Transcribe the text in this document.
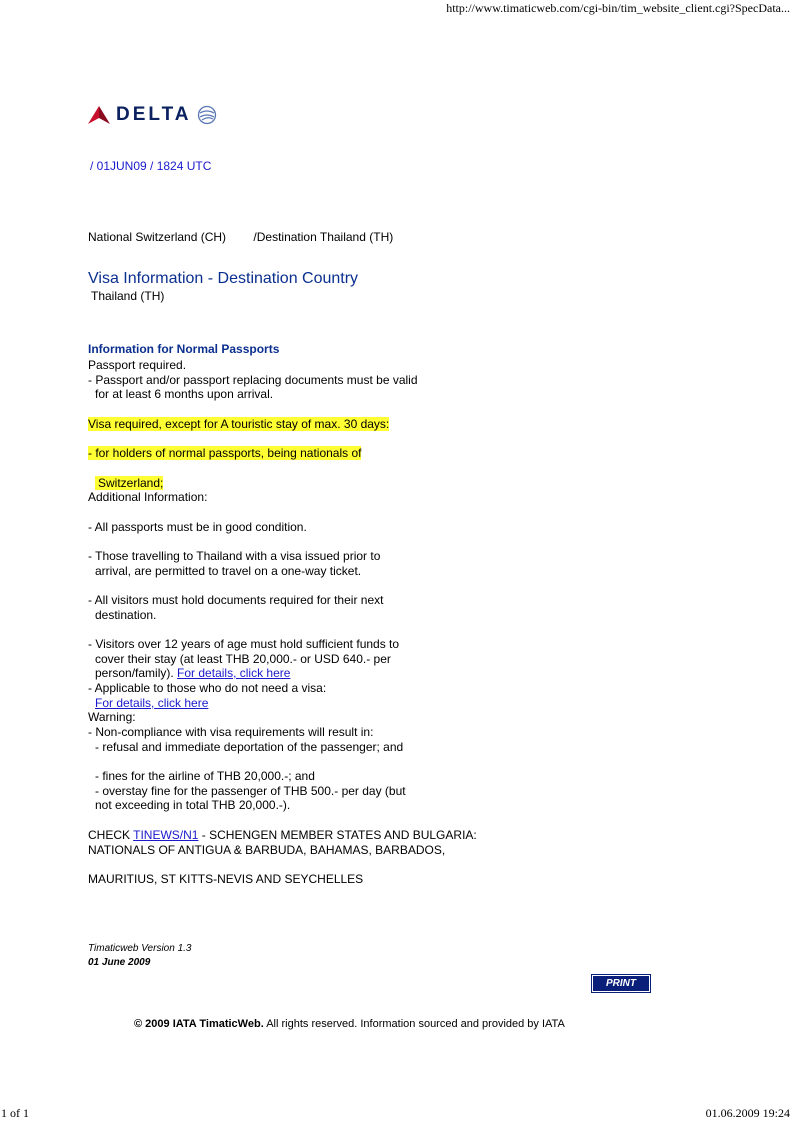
http://www.timaticweb.com/cgi-bin/tim_website_client.cgi?SpecData...
1 of 1	01.06.2009 19:24
DELTA
/ 01JUN09 / 1824 UTC
National Switzerland (CH) /Destination Thailand (TH)
Visa Information - Destination Country
Thailand (TH)
Information for Normal Passports
Passport required.
- Passport and/or passport replacing documents must be valid
for at least 6 months upon arrival.
Visa required, except for A touristic stay of max. 30 days:
- for holders of normal passports, being nationals of
Switzerland;
Additional Information:
- All passports must be in good condition.
- Those travelling to Thailand with a visa issued prior to
arrival, are permitted to travel on a one-way ticket.
- All visitors must hold documents required for their next
destination.
- Visitors over 12 years of age must hold sufficient funds to
cover their stay (at least THB 20,000.- or USD 640.- per
person/family). For details, click here
- Applicable to those who do not need a visa:
For details, click here
Warning:
- Non-compliance with visa requirements will result in:
- refusal and immediate deportation of the passenger; and
- fines for the airline of THB 20,000.-; and
- overstay fine for the passenger of THB 500.- per day (but
not exceeding in total THB 20,000.-).
CHECK TINEWS/N1 - SCHENGEN MEMBER STATES AND BULGARIA:
NATIONALS OF ANTIGUA & BARBUDA, BAHAMAS, BARBADOS,
MAURITIUS, ST KITTS-NEVIS AND SEYCHELLES
Timaticweb Version 1.3
01 June 2009
PRINT
© 2009 IATA TimaticWeb. All rights reserved. Information sourced and provided by IATA
